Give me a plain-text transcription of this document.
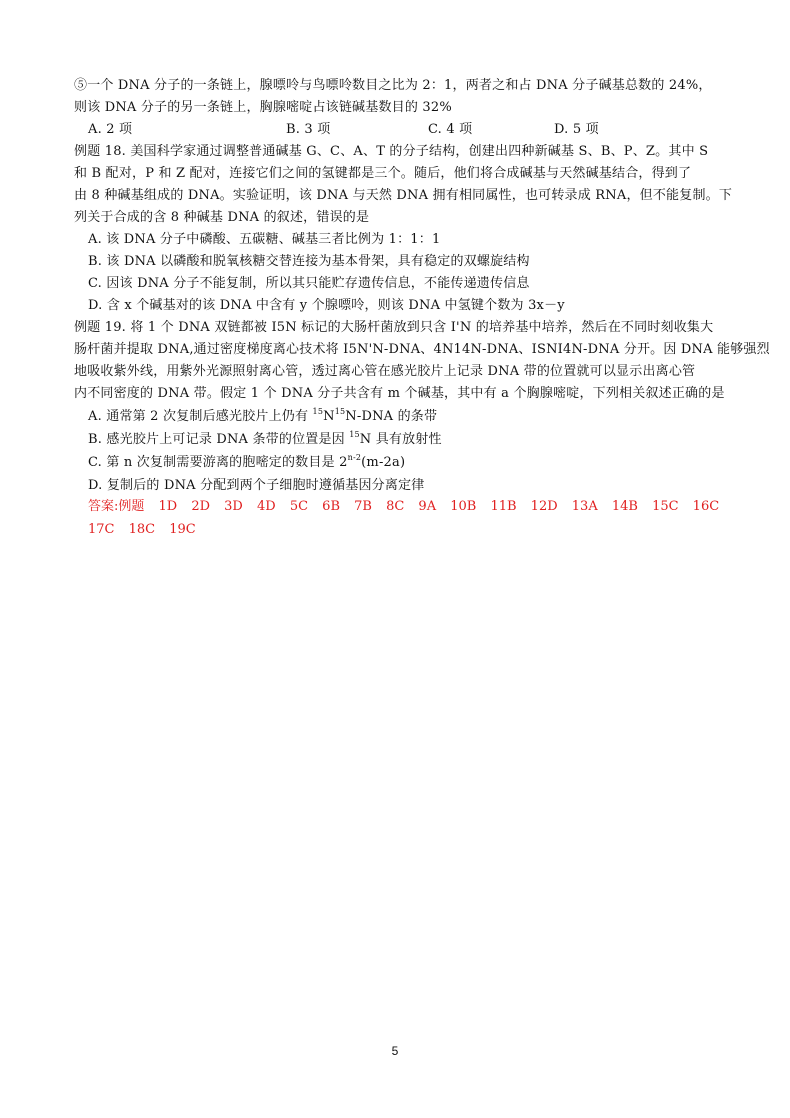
⑤一个 DNA 分子的一条链上，腺嘌呤与鸟嘌呤数目之比为 2：1，两者之和占 DNA 分子碱基总数的 24%，
则该 DNA 分子的另一条链上，胸腺嘧啶占该链碱基数目的 32%
A. 2 项	B. 3 项	C. 4 项	D. 5 项
例题 18. 美国科学家通过调整普通碱基 G、C、A、T 的分子结构，创建出四种新碱基 S、B、P、Z。其中 S
和 B 配对，P 和 Z 配对，连接它们之间的氢键都是三个。随后，他们将合成碱基与天然碱基结合，得到了
由 8 种碱基组成的 DNA。实验证明，该 DNA 与天然 DNA 拥有相同属性，也可转录成 RNA，但不能复制。下
列关于合成的含 8 种碱基 DNA 的叙述，错误的是
A. 该 DNA 分子中磷酸、五碳糖、碱基三者比例为 1：1：1
B. 该 DNA 以磷酸和脱氧核糖交替连接为基本骨架，具有稳定的双螺旋结构
C. 因该 DNA 分子不能复制，所以其只能贮存遗传信息，不能传递遗传信息
D. 含 x 个碱基对的该 DNA 中含有 y 个腺嘌呤，则该 DNA 中氢键个数为 3x－y
例题 19. 将 1 个 DNA 双链都被 I5N 标记的大肠杆菌放到只含 I'N 的培养基中培养，然后在不同时刻收集大
肠杆菌并提取 DNA,通过密度梯度离心技术将 I5N'N-DNA、4N14N-DNA、ISNI4N-DNA 分开。因 DNA 能够强烈
地吸收紫外线，用紫外光源照射离心管，透过离心管在感光胶片上记录 DNA 带的位置就可以显示出离心管
内不同密度的 DNA 带。假定 1 个 DNA 分子共含有 m 个碱基，其中有 a 个胸腺嘧啶，下列相关叙述正确的是
A. 通常第 2 次复制后感光胶片上仍有 $^{15}N^{15}N$-DNA 的条带
B. 感光胶片上可记录 DNA 条带的位置是因 $^{15}$N 具有放射性
C. 第 n 次复制需要游离的胞嘧定的数目是 2$^{n-2}$(m-2a)
D. 复制后的 DNA 分配到两个子细胞时遵循基因分离定律
答案:例题 1D 2D 3D 4D 5C 6B 7B 8C 9A 10B 11B 12D 13A 14B 15C 16C 17C 18C 19C
5
